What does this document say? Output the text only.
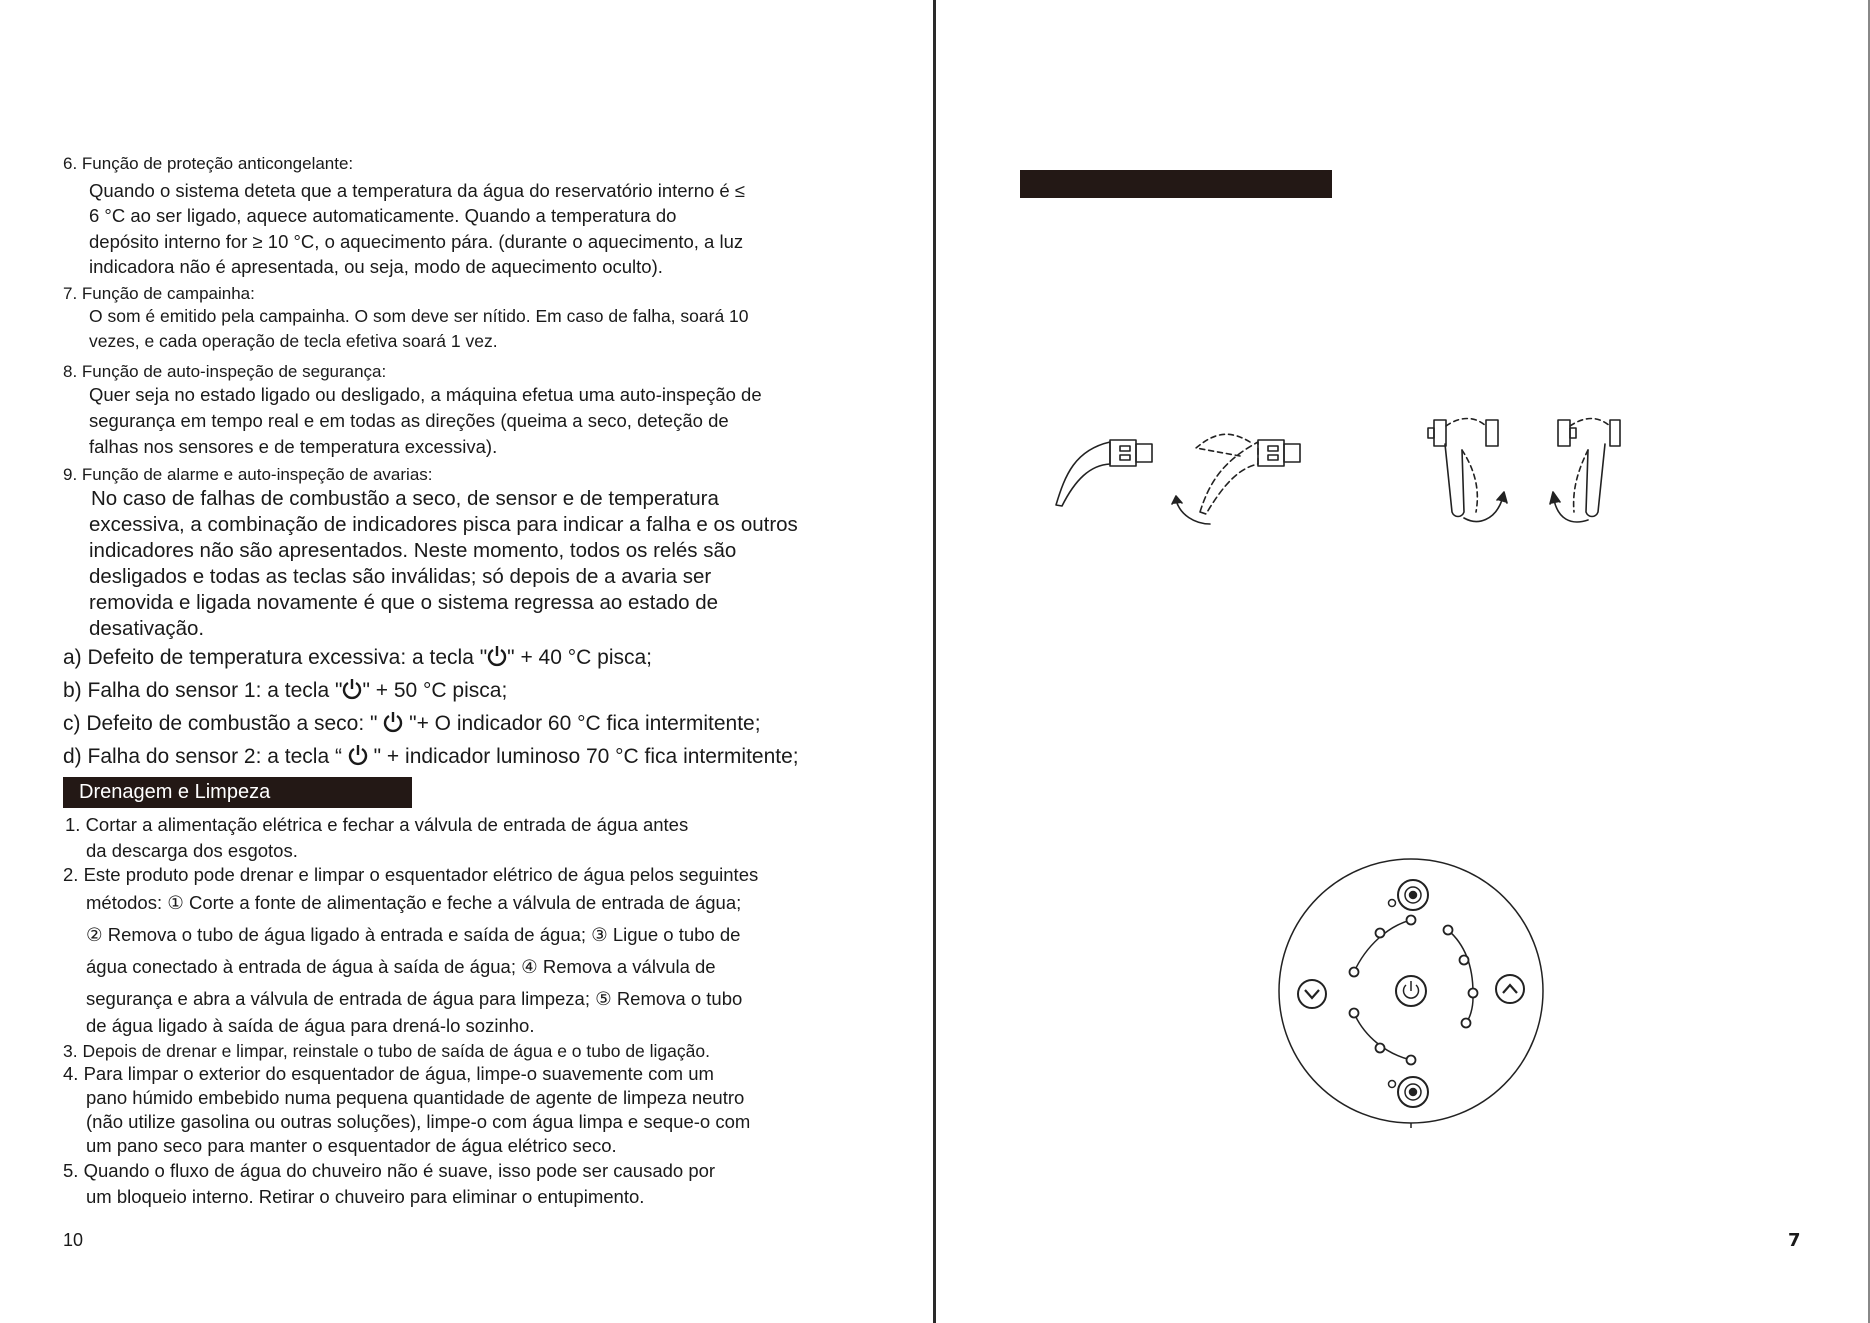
6. Função de proteção anticongelante:
Quando o sistema deteta que a temperatura da água do reservatório interno é ≤
6 °C ao ser ligado, aquece automaticamente. Quando a temperatura do
depósito interno for ≥ 10 °C, o aquecimento pára. (durante o aquecimento, a luz
indicadora não é apresentada, ou seja, modo de aquecimento oculto).
7. Função de campainha:
O som é emitido pela campainha. O som deve ser nítido. Em caso de falha, soará 10
vezes, e cada operação de tecla efetiva soará 1 vez.
8. Função de auto-inspeção de segurança:
Quer seja no estado ligado ou desligado, a máquina efetua uma auto-inspeção de
segurança em tempo real e em todas as direções (queima a seco, deteção de
falhas nos sensores e de temperatura excessiva).
9. Função de alarme e auto-inspeção de avarias:
No caso de falhas de combustão a seco, de sensor e de temperatura
excessiva, a combinação de indicadores pisca para indicar a falha e os outros
indicadores não são apresentados. Neste momento, todos os relés são
desligados e todas as teclas são inválidas; só depois de a avaria ser
removida e ligada novamente é que o sistema regressa ao estado de
desativação.
a) Defeito de temperatura excessiva: a tecla " " + 40 °C pisca;
b) Falha do sensor 1: a tecla " " + 50 °C pisca;
c) Defeito de combustão a seco: "  "+ O indicador 60 °C fica intermitente;
d) Falha do sensor 2: a tecla “  " + indicador luminoso 70 °C fica intermitente;
Drenagem e Limpeza
1. Cortar a alimentação elétrica e fechar a válvula de entrada de água antes
da descarga dos esgotos.
2. Este produto pode drenar e limpar o esquentador elétrico de água pelos seguintes
métodos: ① Corte a fonte de alimentação e feche a válvula de entrada de água;
② Remova o tubo de água ligado à entrada e saída de água; ③ Ligue o tubo de
água conectado à entrada de água à saída de água; ④ Remova a válvula de
segurança e abra a válvula de entrada de água para limpeza; ⑤ Remova o tubo
de água ligado à saída de água para drená-lo sozinho.
3. Depois de drenar e limpar, reinstale o tubo de saída de água e o tubo de ligação.
4. Para limpar o exterior do esquentador de água, limpe-o suavemente com um
pano húmido embebido numa pequena quantidade de agente de limpeza neutro
(não utilize gasolina ou outras soluções), limpe-o com água limpa e seque-o com
um pano seco para manter o esquentador de água elétrico seco.
5. Quando o fluxo de água do chuveiro não é suave, isso pode ser causado por
um bloqueio interno. Retirar o chuveiro para eliminar o entupimento.
10	7
